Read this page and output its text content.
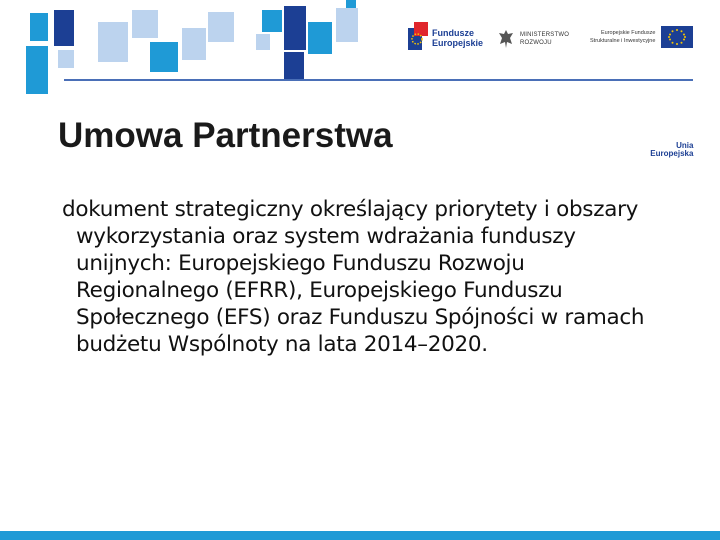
Fundusze
Europejskie
MINISTERSTWO
ROZWOJU
Unia Europejska
Europejskie Fundusze
Strukturalne i Inwestycyjne
Umowa Partnerstwa
dokument strategiczny określający priorytety i obszary wykorzystania oraz system wdrażania funduszy unijnych: Europejskiego Funduszu Rozwoju Regionalnego (EFRR), Europejskiego Funduszu Społecznego (EFS) oraz Funduszu Spójności w ramach budżetu Wspólnoty na lata 2014–2020.
